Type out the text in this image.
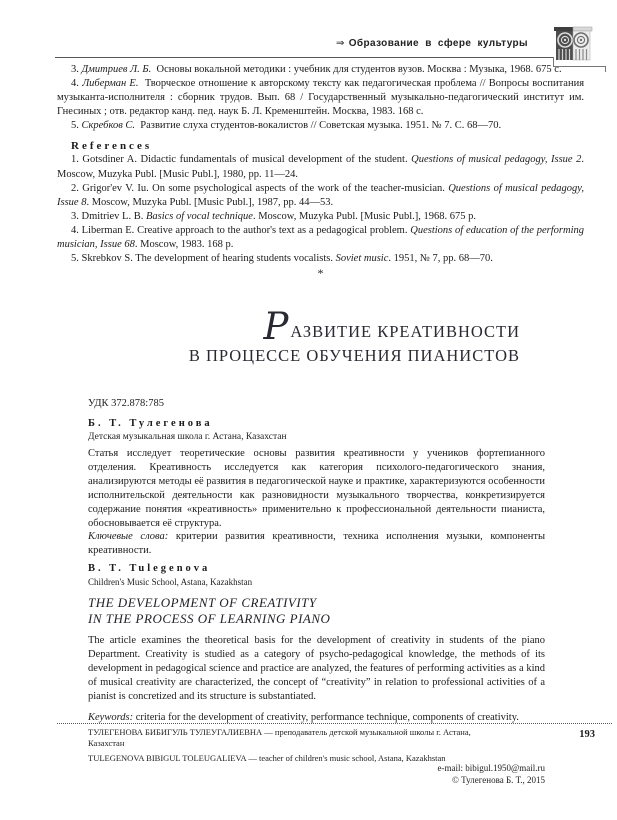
⇒ Образование в сфере культуры

3. Дмитриев Л. Б. Основы вокальной методики : учебник для студентов вузов. Москва : Музыка, 1968. 675 с.

4. Либерман Е. Творческое отношение к авторскому тексту как педагогическая проблема // Вопросы воспитания музыканта-исполнителя : сборник трудов. Вып. 68 / Государственный музыкально-педагогический институт им. Гнесиных ; отв. редактор канд. пед. наук Б. Л. Кременштейн. Москва, 1983. 168 с.

5. Скребков С. Развитие слуха студентов-вокалистов // Советская музыка. 1951. № 7. С. 68—70.

References

1. Gotsdiner A. Didactic fundamentals of musical development of the student. Questions of musical pedagogy, Issue 2. Moscow, Muzyka Publ. [Music Publ.], 1980, pp. 11—24.

2. Grigor'ev V. Iu. On some psychological aspects of the work of the teacher-musician. Questions of musical pedagogy, Issue 8. Moscow, Muzyka Publ. [Music Publ.], 1987, pp. 44—53.

3. Dmitriev L. B. Basics of vocal technique. Moscow, Muzyka Publ. [Music Publ.], 1968. 675 p.

4. Liberman E. Creative approach to the author's text as a pedagogical problem. Questions of education of the performing musician, Issue 68. Moscow, 1983. 168 p.

5. Skrebkov S. The development of hearing students vocalists. Soviet music. 1951, № 7, pp. 68—70.

*
РАЗВИТИЕ КРЕАТИВНОСТИ
В ПРОЦЕССЕ ОБУЧЕНИЯ ПИАНИСТОВ
УДК 372.878:785
Б. Т. Тулегенова
Детская музыкальная школа г. Астана, Казахстан

Статья исследует теоретические основы развития креативности у учеников фортепианного отделения. Креативность исследуется как категория психолого-педагогического знания, анализируются методы её развития в педагогической науке и практике, характеризуются особенности исполнительской деятельности как разновидности музыкального творчества, конкретизируется содержание понятия «креативность» применительно к профессиональной деятельности пианиста, обосновывается её структура.

Ключевые слова: критерии развития креативности, техника исполнения музыки, компоненты креативности.

B. T. Tulegenova
Children's Music School, Astana, Kazakhstan
THE DEVELOPMENT OF CREATIVITY
IN THE PROCESS OF LEARNING PIANO

The article examines the theoretical basis for the development of creativity in students of the piano Department. Creativity is studied as a category of psycho-pedagogical knowledge, the methods of its development in pedagogical science and practice are analyzed, the features of performing activities as a kind of musical creativity are characterized, the concept of “creativity” in relation to professional activities of a pianist is concretized and its structure is substantiated.

Keywords: criteria for the development of creativity, performance technique, components of creativity.

ТУЛЕГЕНОВА БИБИГУЛЬ ТУЛЕУГАЛИЕВНА — преподаватель детской музыкальной школы г. Астана, Казахстан

TULEGENOVA BIBIGUL TOLEUGALIEVA — teacher of children's music school, Astana, Kazakhstan

193
e-mail: bibigul.1950@mail.ru
© Тулегенова Б. Т., 2015
